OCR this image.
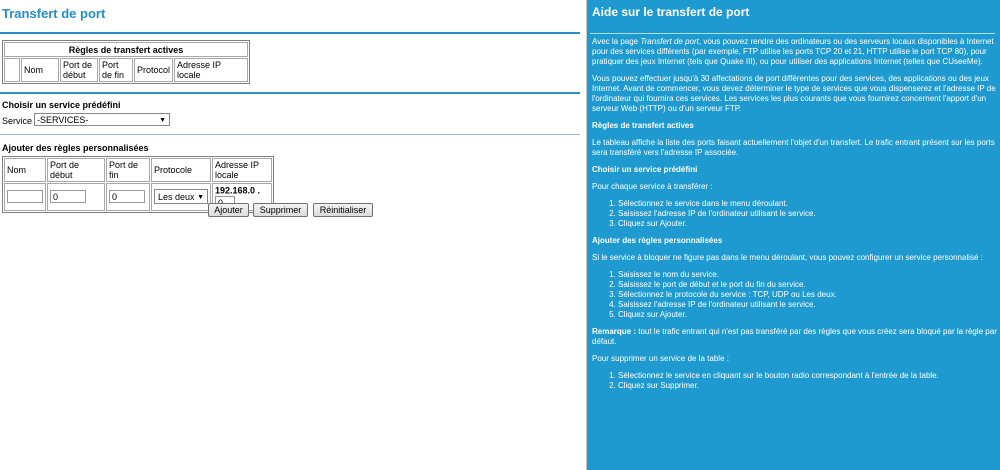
Transfert de port
Règles de transfert actives
	Nom	Port de début	Port de fin	Protocol	Adresse IP locale
Choisir un service prédéfini
Service -SERVICES-	▼
Ajouter des règles personnalisées
Nom	Port de début	Port de fin	Protocole	Adresse IP locale
	0	0	Les deux ▼	192.168.0 .
Ajouter	Supprimer	Réinitialiser
Aide sur le transfert de port

Avec la page Transfert de port, vous pouvez rendre des ordinateurs ou des serveurs locaux disponibles à Internet pour des services différents (par exemple, FTP utilise les ports TCP 20 et 21, HTTP utilise le port TCP 80), pour pratiquer des jeux Internet (tels que Quake III), ou pour utiliser des applications Internet (telles que CUseeMe).

Vous pouvez effectuer jusqu'à 30 affectations de port différentes pour des services, des applications ou des jeux Internet. Avant de commencer, vous devez déterminer le type de services que vous dispenserez et l'adresse IP de l'ordinateur qui fournira ces services. Les services les plus courants que vous fournirez concernent l'apport d'un serveur Web (HTTP) ou d'un serveur FTP.

Règles de transfert actives

Le tableau affiche la liste des ports faisant actuellement l'objet d'un transfert. Le trafic entrant présent sur les ports sera transféré vers l'adresse IP associée.

Choisir un service prédéfini

Pour chaque service à transférer :

1. Sélectionnez le service dans le menu déroulant.
2. Saisissez l'adresse IP de l'ordinateur utilisant le service.
3. Cliquez sur Ajouter.

Ajouter des règles personnalisées

Si le service à bloquer ne figure pas dans le menu déroulant, vous pouvez configurer un service personnalisé :

1. Saisissez le nom du service.
2. Saisissez le port de début et le port du fin du service.
3. Sélectionnez le protocole du service : TCP, UDP ou Les deux.
4. Saisissez l'adresse IP de l'ordinateur utilisant le service.
5. Cliquez sur Ajouter.

Remarque : tout le trafic entrant qui n'est pas transféré par des règles que vous créez sera bloqué par la règle par défaut.

Pour supprimer un service de la table :

1. Sélectionnez le service en cliquant sur le bouton radio correspondant à l'entrée de la table.
2. Cliquez sur Supprimer.
